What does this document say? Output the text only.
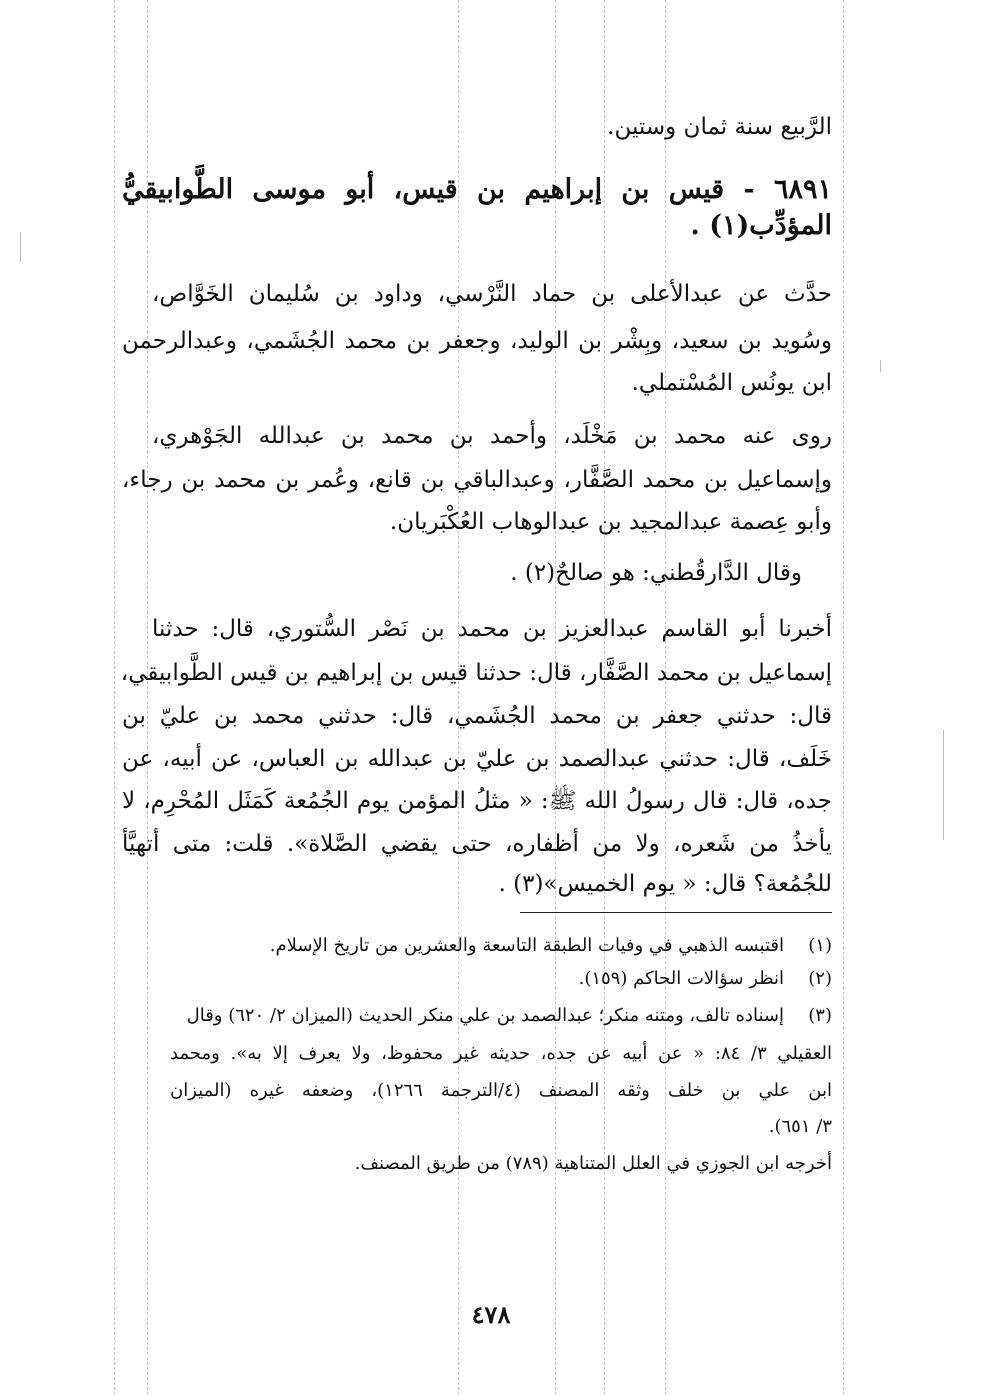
الرَّبيع سنة ثمان وستين.
٦٨٩١ - قيس بن إبراهيم بن قيس، أبو موسى الطَّوابيقيُّ
المؤدِّب(١) .
حدَّث عن عبدالأعلى بن حماد النَّرْسي، وداود بن سُليمان الخَوَّاص،
وسُويد بن سعيد، وبِشْر بن الوليد، وجعفر بن محمد الجُشَمي، وعبدالرحمن
ابن يونُس المُسْتملي.
روى عنه محمد بن مَخْلَد، وأحمد بن محمد بن عبدالله الجَوْهري،
وإسماعيل بن محمد الصَّفَّار، وعبدالباقي بن قانع، وعُمر بن محمد بن رجاء،
وأبو عِصمة عبدالمجيد بن عبدالوهاب العُكْبَريان.
وقال الدَّارقُطني: هو صالحٌ(٢) .
أخبرنا أبو القاسم عبدالعزيز بن محمد بن نَصْر السُّتوري، قال: حدثنا
إسماعيل بن محمد الصَّفَّار، قال: حدثنا قيس بن إبراهيم بن قيس الطَّوابيقي،
قال: حدثني جعفر بن محمد الجُشَمي، قال: حدثني محمد بن عليّ بن
خَلَف، قال: حدثني عبدالصمد بن عليّ بن عبدالله بن العباس، عن أبيه، عن
جده، قال: قال رسولُ الله ﷺ: « مثلُ المؤمن يوم الجُمُعة كَمَثَل المُحْرِم، لا
يأخذُ من شَعره، ولا من أظفاره، حتى يقضي الصَّلاة». قلت: متى أتهيَّأ
للجُمُعة؟ قال: « يوم الخميس»(٣) .
(١)اقتبسه الذهبي في وفيات الطبقة التاسعة والعشرين من تاريخ الإسلام.
(٢)انظر سؤالات الحاكم (١٥٩).
(٣)إسناده تالف، ومتنه منكر؛ عبدالصمد بن علي منكر الحديث (الميزان ٢/ ٦٢٠) وقال
العقيلي ٣/ ٨٤: « عن أبيه عن جده، حديثه غير محفوظ، ولا يعرف إلا به». ومحمد
ابن علي بن خلف وثقه المصنف (٤/الترجمة ١٢٦٦)، وضعفه غيره (الميزان
٣/ ٦٥١).
أخرجه ابن الجوزي في العلل المتناهية (٧٨٩) من طريق المصنف.
٤٧٨
